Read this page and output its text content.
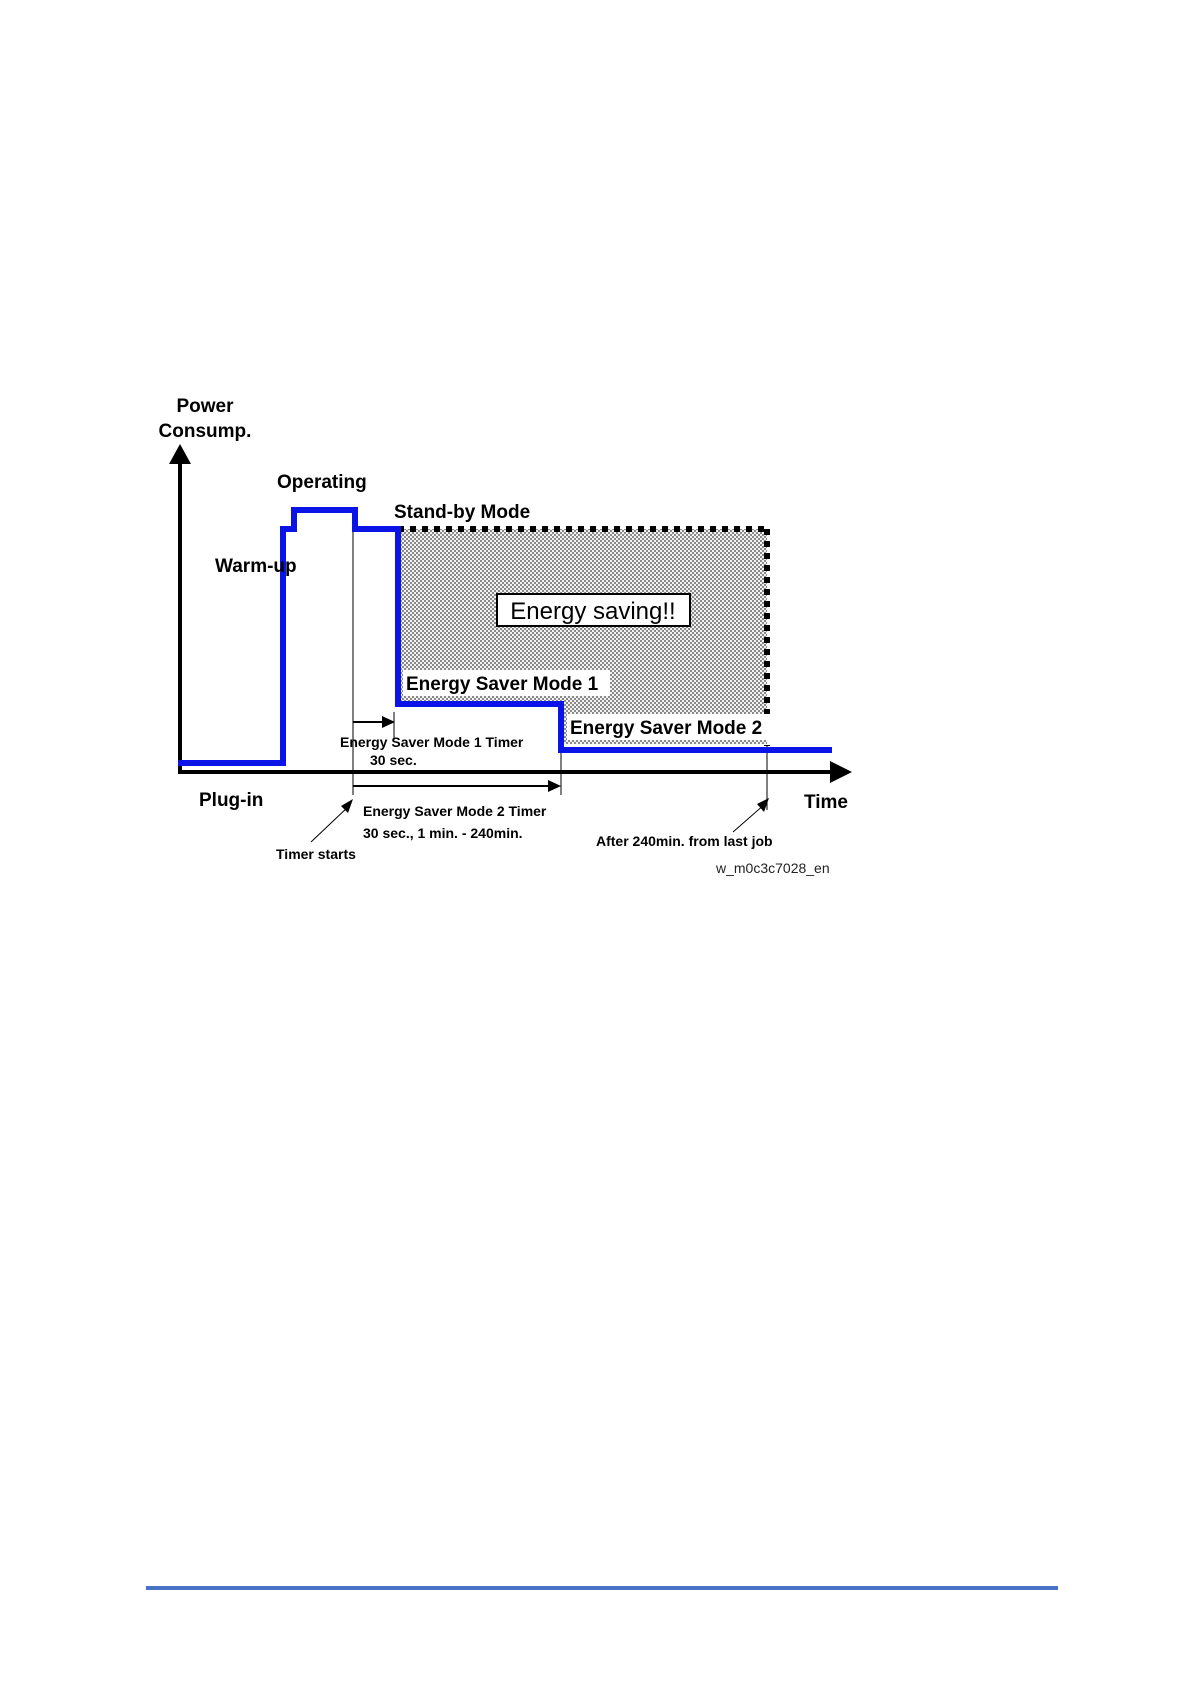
Energy saving!!
Power
Consump.
Operating
Stand-by Mode
Warm-up
Energy Saver Mode 1
Energy Saver Mode 2
Plug-in	Time
Energy Saver Mode 1 Timer
30 sec.
Energy Saver Mode 2 Timer
30 sec., 1 min. - 240min.
Timer starts
After 240min. from last job
w_m0c3c7028_en
